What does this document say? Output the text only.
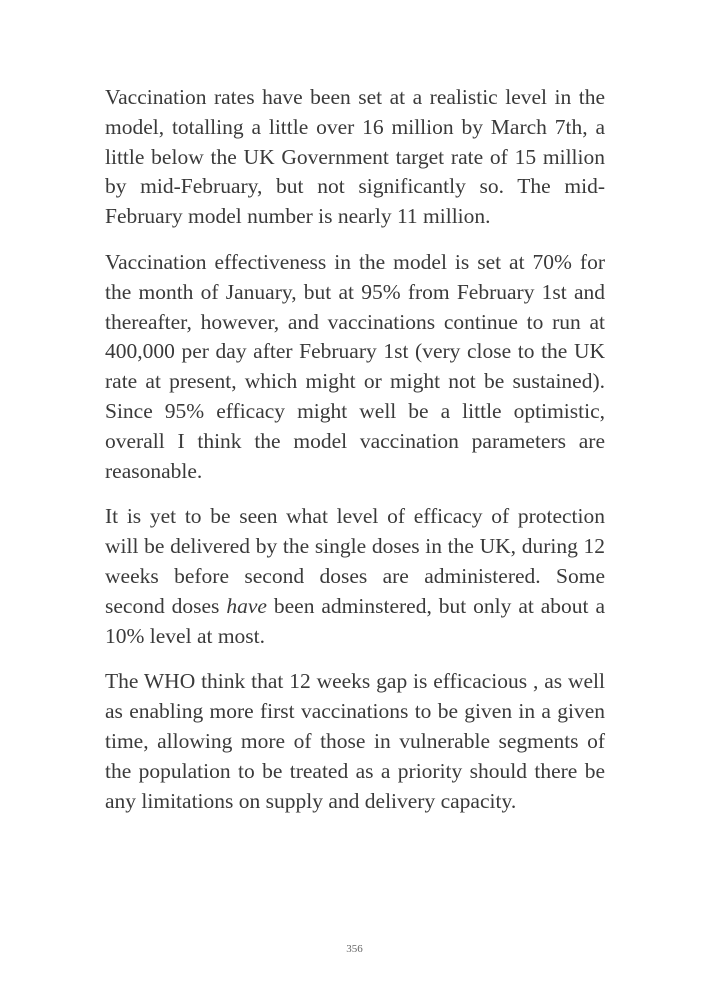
Vaccination rates have been set at a realistic level in the model, totalling a little over 16 million by March 7th, a little below the UK Government target rate of 15 million by mid-February, but not significantly so. The mid-February model number is nearly 11 million.

Vaccination effectiveness in the model is set at 70% for the month of January, but at 95% from February 1st and thereafter, however, and vaccinations continue to run at 400,000 per day after February 1st (very close to the UK rate at present, which might or might not be sustained). Since 95% efficacy might well be a little optimistic, overall I think the model vaccination parameters are reasonable.

It is yet to be seen what level of efficacy of protection will be delivered by the single doses in the UK, during 12 weeks before second doses are administered. Some second doses have been adminstered, but only at about a 10% level at most.

The WHO think that 12 weeks gap is efficacious , as well as enabling more first vaccinations to be given in a given time, allowing more of those in vulnerable segments of the population to be treated as a priority should there be any limitations on supply and delivery capacity.

356
